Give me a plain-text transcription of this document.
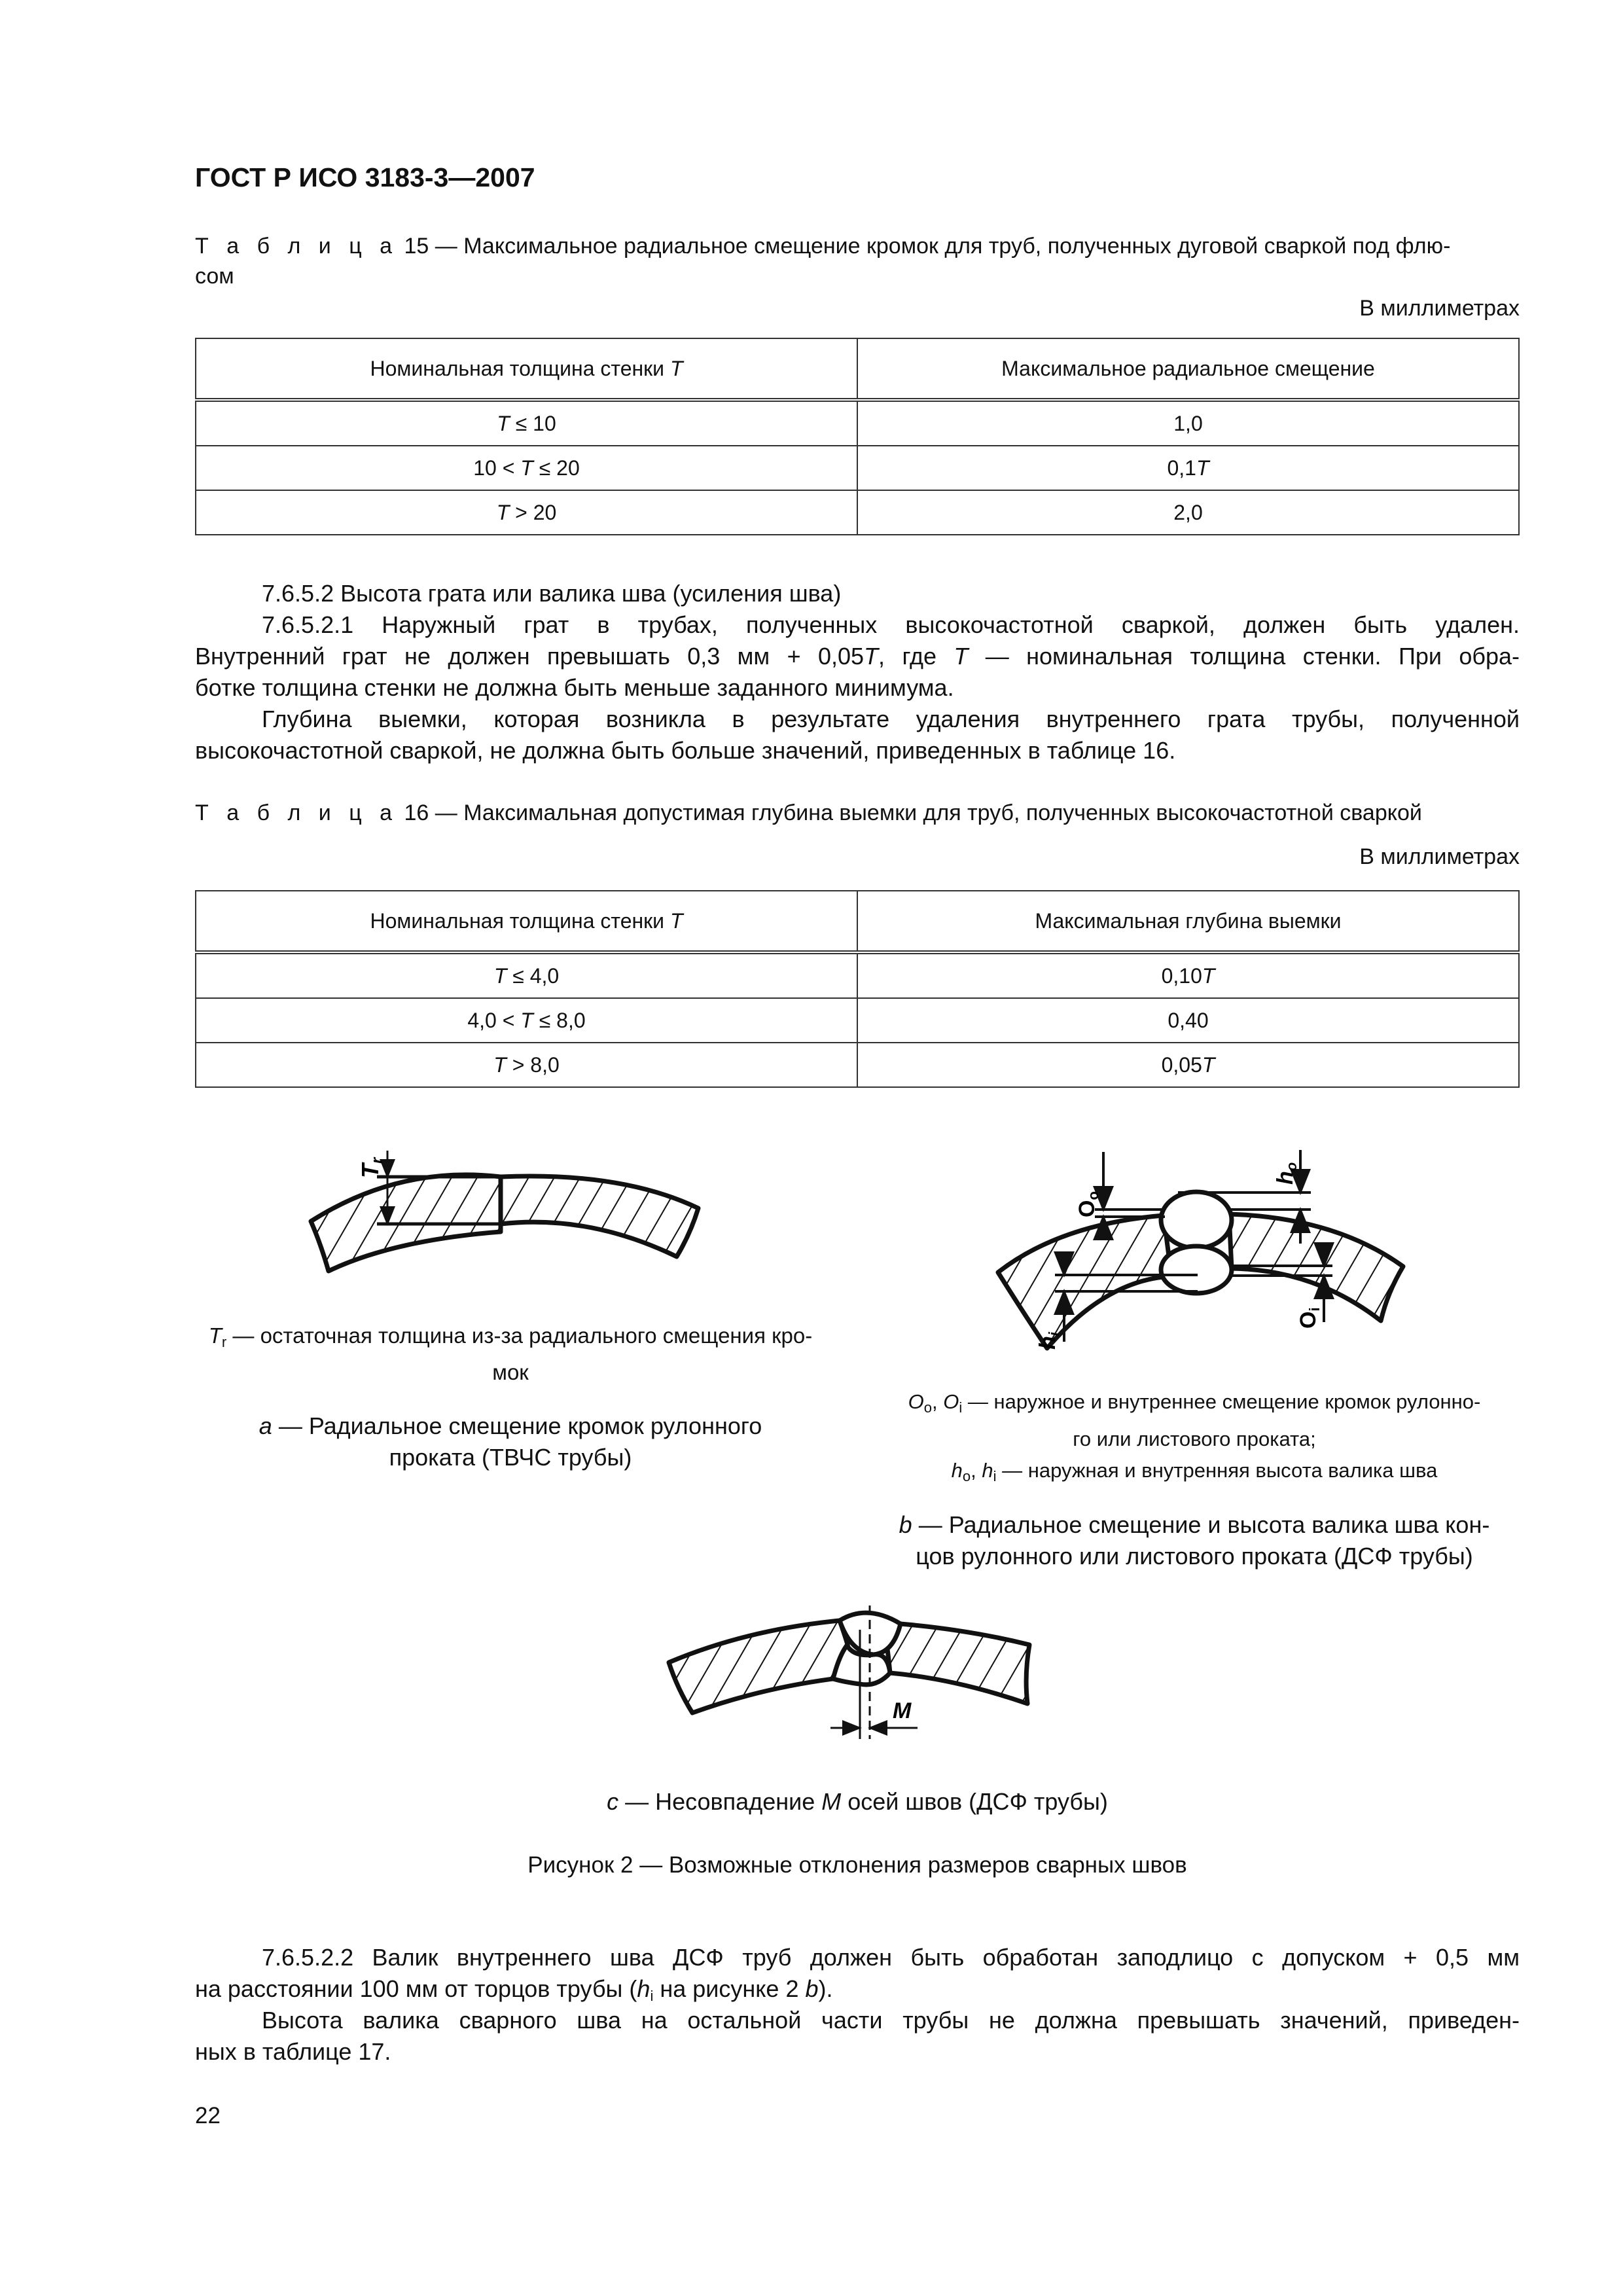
ГОСТ Р ИСО 3183-3—2007
Т а б л и ц а 15 — Максимальное радиальное смещение кромок для труб, полученных дуговой сваркой под флю-
сом
В миллиметрах
Номинальная толщина стенки T	Максимальное радиальное смещение
T ≤ 10	1,0
10 < T ≤ 20	0,1T
T > 20	2,0
7.6.5.2 Высота грата или валика шва (усиления шва)
7.6.5.2.1 Наружный грат в трубах, полученных высокочастотной сваркой, должен быть удален.
Внутренний грат не должен превышать 0,3 мм + 0,05T, где T — номинальная толщина стенки. При обра-
ботке толщина стенки не должна быть меньше заданного минимума.
Глубина выемки, которая возникла в результате удаления внутреннего грата трубы, полученной
высокочастотной сваркой, не должна быть больше значений, приведенных в таблице 16.
Т а б л и ц а 16 — Максимальная допустимая глубина выемки для труб, полученных высокочастотной сваркой
В миллиметрах
Номинальная толщина стенки T	Максимальная глубина выемки
T ≤ 4,0	0,10T
4,0 < T ≤ 8,0	0,40
T > 8,0	0,05T
Tr
Oo
ho
Oi
hi
M
$T_r$ — остаточная толщина из-за радиального смещения кро-
мок
a — Радиальное смещение кромок рулонного
проката (ТВЧС трубы)
$O_o$, $O_i$ — наружное и внутреннее смещение кромок рулонно-
го или листового проката;
$h_o$, $h_i$ — наружная и внутренняя высота валика шва
b — Радиальное смещение и высота валика шва кон-
цов рулонного или листового проката (ДСФ трубы)
c — Несовпадение M осей швов (ДСФ трубы)
Рисунок 2 — Возможные отклонения размеров сварных швов
7.6.5.2.2 Валик внутреннего шва ДСФ труб должен быть обработан заподлицо с допуском + 0,5 мм
на расстоянии 100 мм от торцов трубы ($h_i$ на рисунке 2 b).
Высота валика сварного шва на остальной части трубы не должна превышать значений, приведен-
ных в таблице 17.
22
